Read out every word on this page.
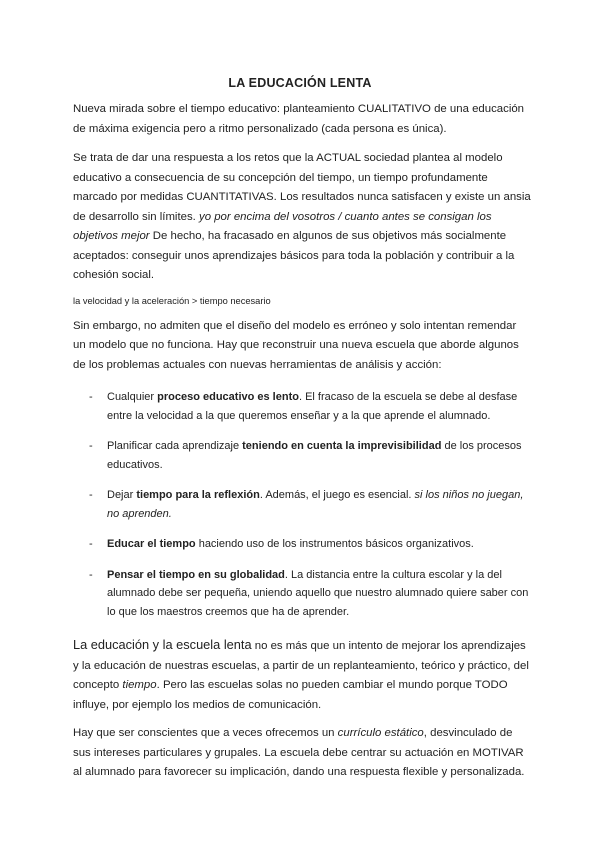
LA EDUCACIÓN LENTA

Nueva mirada sobre el tiempo educativo: planteamiento CUALITATIVO de una educación de máxima exigencia pero a ritmo personalizado (cada persona es única).

Se trata de dar una respuesta a los retos que la ACTUAL sociedad plantea al modelo educativo a consecuencia de su concepción del tiempo, un tiempo profundamente marcado por medidas CUANTITATIVAS. Los resultados nunca satisfacen y existe un ansia de desarrollo sin límites. yo por encima del vosotros / cuanto antes se consigan los objetivos mejor De hecho, ha fracasado en algunos de sus objetivos más socialmente aceptados: conseguir unos aprendizajes básicos para toda la población y contribuir a la cohesión social.

la velocidad y la aceleración > tiempo necesario

Sin embargo, no admiten que el diseño del modelo es erróneo y solo intentan remendar un modelo que no funciona. Hay que reconstruir una nueva escuela que aborde algunos de los problemas actuales con nuevas herramientas de análisis y acción:

- Cualquier proceso educativo es lento. El fracaso de la escuela se debe al desfase entre la velocidad a la que queremos enseñar y a la que aprende el alumnado.
- Planificar cada aprendizaje teniendo en cuenta la imprevisibilidad de los procesos educativos.
- Dejar tiempo para la reflexión. Además, el juego es esencial. si los niños no juegan, no aprenden.
- Educar el tiempo haciendo uso de los instrumentos básicos organizativos.
- Pensar el tiempo en su globalidad. La distancia entre la cultura escolar y la del alumnado debe ser pequeña, uniendo aquello que nuestro alumnado quiere saber con lo que los maestros creemos que ha de aprender.

La educación y la escuela lenta no es más que un intento de mejorar los aprendizajes y la educación de nuestras escuelas, a partir de un replanteamiento, teórico y práctico, del concepto tiempo. Pero las escuelas solas no pueden cambiar el mundo porque TODO influye, por ejemplo los medios de comunicación.

Hay que ser conscientes que a veces ofrecemos un currículo estático, desvinculado de sus intereses particulares y grupales. La escuela debe centrar su actuación en MOTIVAR al alumnado para favorecer su implicación, dando una respuesta flexible y personalizada.
